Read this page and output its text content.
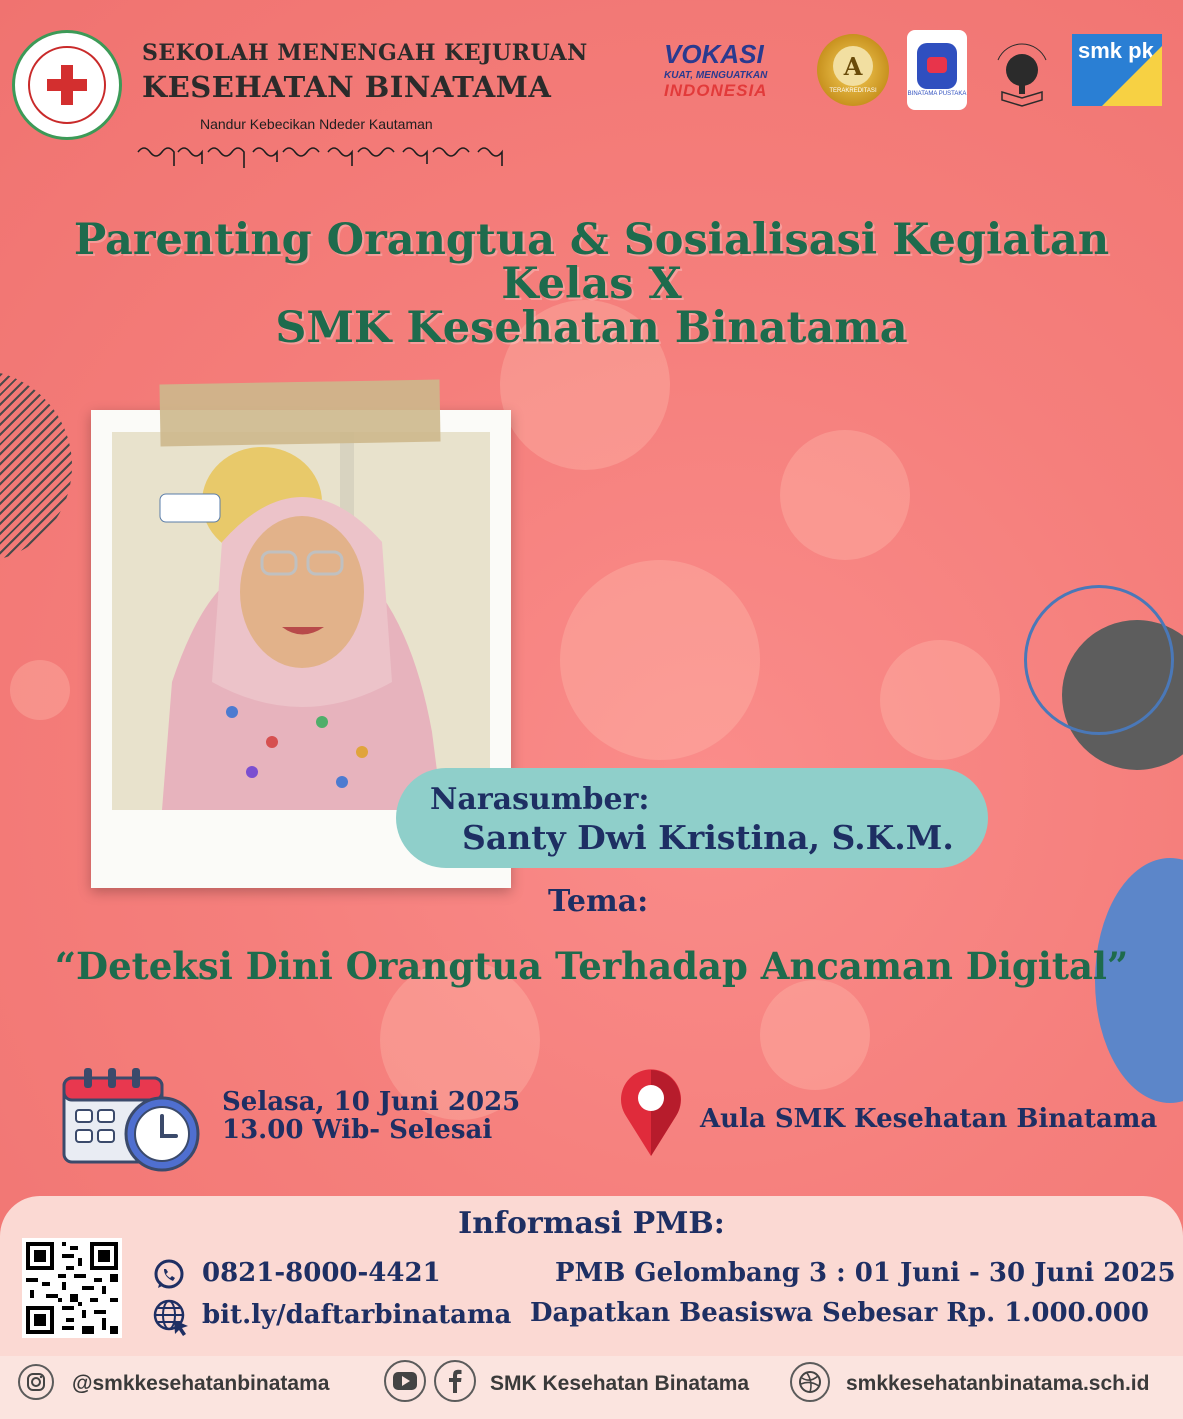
SEKOLAH MENENGAH KEJURUAN
KESEHATAN BINATAMA
Nandur Kebecikan Ndeder Kautaman
VOKASI
KUAT, MENGUATKAN
INDONESIA
A
TERAKREDITASI	BINATAMA PUSTAKA
smk pk
Parenting Orangtua & Sosialisasi Kegiatan
Kelas X
SMK Kesehatan Binatama
Narasumber:
Santy Dwi Kristina, S.K.M.
Tema:
“Deteksi Dini Orangtua Terhadap Ancaman Digital”
Selasa, 10 Juni 2025
13.00 Wib- Selesai	Aula SMK Kesehatan Binatama
Informasi PMB:
0821-8000-4421
bit.ly/daftarbinatama
PMB Gelombang 3 : 01 Juni - 30 Juni 2025
Dapatkan Beasiswa Sebesar Rp. 1.000.000
@smkkesehatanbinatama	SMK Kesehatan Binatama	smkkesehatanbinatama.sch.id
